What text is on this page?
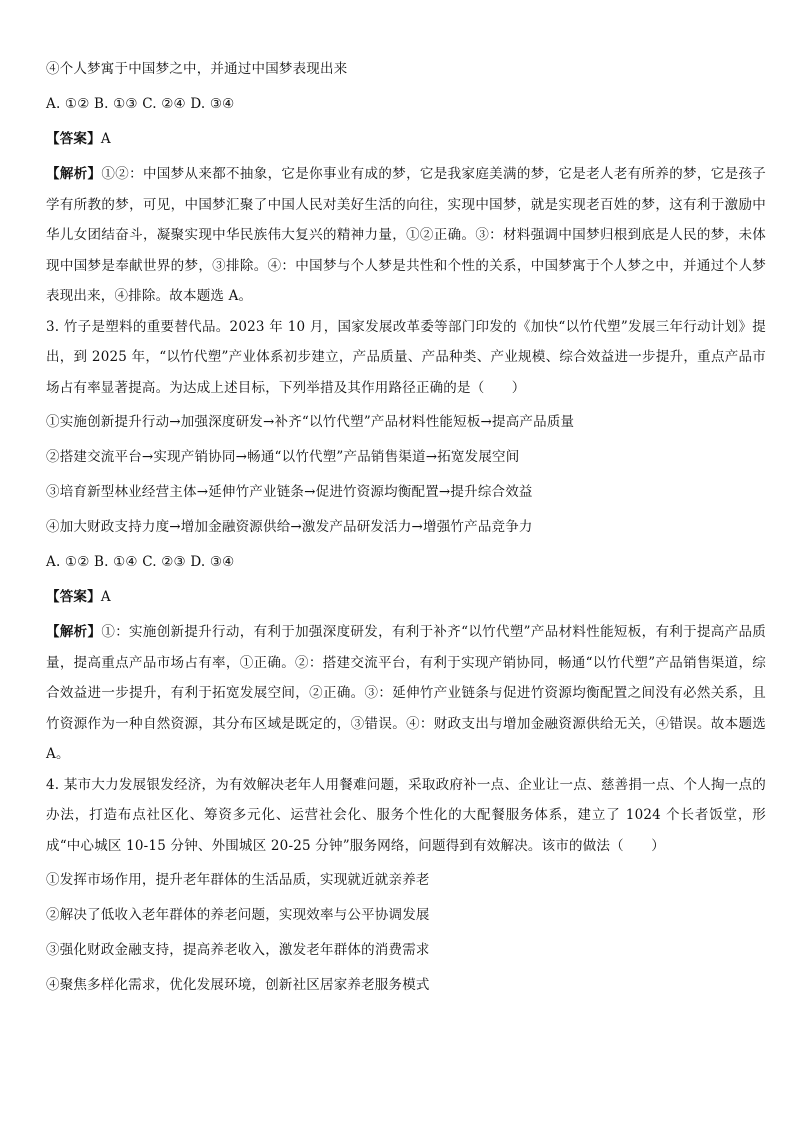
④个人梦寓于中国梦之中，并通过中国梦表现出来
A. ①② B. ①③ C. ②④ D. ③④
【答案】A
【解析】①②：中国梦从来都不抽象，它是你事业有成的梦，它是我家庭美满的梦，它是老人老有所养的梦，它是孩子学有所教的梦，可见，中国梦汇聚了中国人民对美好生活的向往，实现中国梦，就是实现老百姓的梦，这有利于激励中华儿女团结奋斗，凝聚实现中华民族伟大复兴的精神力量，①②正确。③：材料强调中国梦归根到底是人民的梦，未体现中国梦是奉献世界的梦，③排除。④：中国梦与个人梦是共性和个性的关系，中国梦寓于个人梦之中，并通过个人梦表现出来，④排除。故本题选 A。
3. 竹子是塑料的重要替代品。2023 年 10 月，国家发展改革委等部门印发的《加快“以竹代塑”发展三年行动计划》提出，到 2025 年，“以竹代塑”产业体系初步建立，产品质量、产品种类、产业规模、综合效益进一步提升，重点产品市场占有率显著提高。为达成上述目标，下列举措及其作用路径正确的是（　　）
①实施创新提升行动→加强深度研发→补齐“以竹代塑”产品材料性能短板→提高产品质量
②搭建交流平台→实现产销协同→畅通“以竹代塑”产品销售渠道→拓宽发展空间
③培育新型林业经营主体→延伸竹产业链条→促进竹资源均衡配置→提升综合效益
④加大财政支持力度→增加金融资源供给→激发产品研发活力→增强竹产品竞争力
A. ①② B. ①④ C. ②③ D. ③④
【答案】A
【解析】①：实施创新提升行动，有利于加强深度研发，有利于补齐“以竹代塑”产品材料性能短板，有利于提高产品质量，提高重点产品市场占有率，①正确。②：搭建交流平台，有利于实现产销协同，畅通“以竹代塑”产品销售渠道，综合效益进一步提升，有利于拓宽发展空间，②正确。③：延伸竹产业链条与促进竹资源均衡配置之间没有必然关系，且竹资源作为一种自然资源，其分布区域是既定的，③错误。④：财政支出与增加金融资源供给无关，④错误。故本题选 A。
4. 某市大力发展银发经济，为有效解决老年人用餐难问题，采取政府补一点、企业让一点、慈善捐一点、个人掏一点的办法，打造布点社区化、筹资多元化、运营社会化、服务个性化的大配餐服务体系，建立了 1024 个长者饭堂，形成“中心城区 10-15 分钟、外围城区 20-25 分钟”服务网络，问题得到有效解决。该市的做法（　　）
①发挥市场作用，提升老年群体的生活品质，实现就近就亲养老
②解决了低收入老年群体的养老问题，实现效率与公平协调发展
③强化财政金融支持，提高养老收入，激发老年群体的消费需求
④聚焦多样化需求，优化发展环境，创新社区居家养老服务模式
